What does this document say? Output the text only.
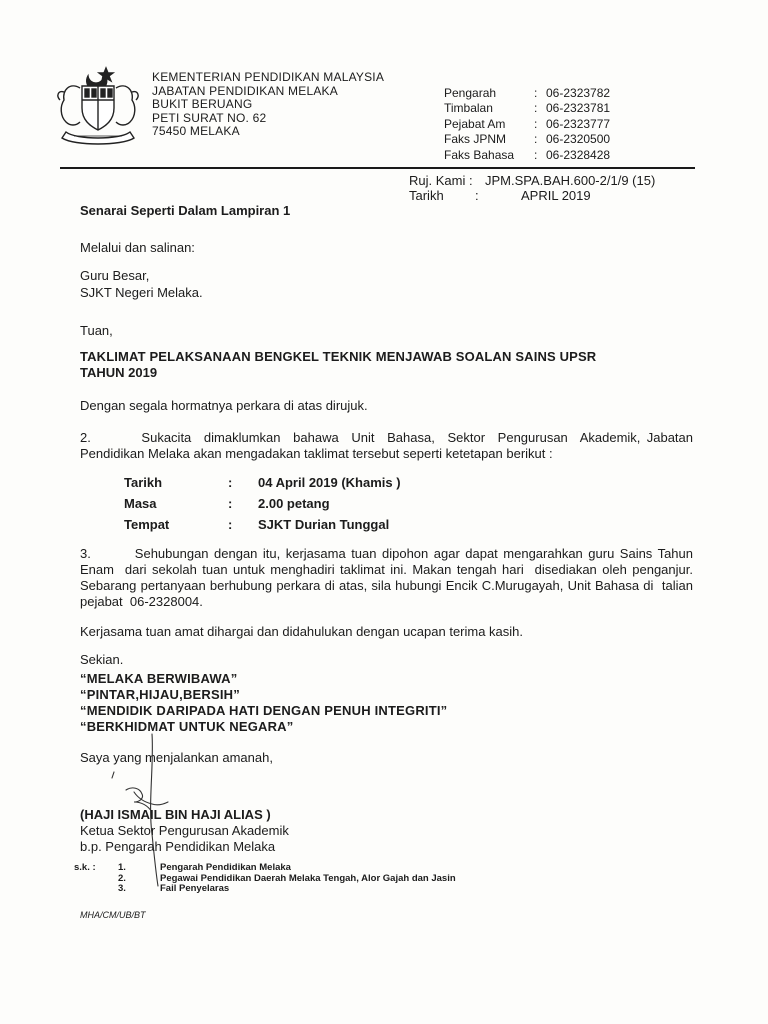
KEMENTERIAN PENDIDIKAN MALAYSIA
JABATAN PENDIDIKAN MELAKA
BUKIT BERUANG
PETI SURAT NO. 62
75450 MELAKA
Pengarah	: 06-2323782
Timbalan	: 06-2323781
Pejabat Am	: 06-2323777
Faks JPNM	: 06-2320500
Faks Bahasa	: 06-2328428
Ruj. Kami : JPM.SPA.BAH.600-2/1/9 (15)
Tarikh	:	APRIL 2019
Senarai Seperti Dalam Lampiran 1
Melalui dan salinan:
Guru Besar,
SJKT Negeri Melaka.
Tuan,
TAKLIMAT PELAKSANAAN BENGKEL TEKNIK MENJAWAB SOALAN SAINS UPSR
TAHUN 2019
Dengan segala hormatnya perkara di atas dirujuk.
2.        Sukacita  dimaklumkan  bahawa  Unit  Bahasa,  Sektor  Pengurusan  Akademik, Jabatan Pendidikan Melaka akan mengadakan taklimat tersebut seperti ketetapan berikut :
Tarikh	:	04 April 2019 (Khamis )
Masa	:	2.00 petang
Tempat	:	SJKT Durian Tunggal
3.        Sehubungan dengan itu, kerjasama tuan dipohon agar dapat mengarahkan guru Sains Tahun Enam  dari sekolah tuan untuk menghadiri taklimat ini. Makan tengah hari  disediakan oleh penganjur. Sebarang pertanyaan berhubung perkara di atas, sila hubungi Encik C.Murugayah, Unit Bahasa di  talian pejabat  06-2328004.
Kerjasama tuan amat dihargai dan didahulukan dengan ucapan terima kasih.
Sekian.
“MELAKA BERWIBAWA”
“PINTAR,HIJAU,BERSIH”
“MENDIDIK DARIPADA HATI DENGAN PENUH INTEGRITI”
“BERKHIDMAT UNTUK NEGARA”
Saya yang menjalankan amanah,
(HAJI ISMAIL BIN HAJI ALIAS )
Ketua Sektor Pengurusan Akademik
b.p. Pengarah Pendidikan Melaka
s.k. :	1.	Pengarah Pendidikan Melaka
2.	Pegawai Pendidikan Daerah Melaka Tengah, Alor Gajah dan Jasin
3.	Fail Penyelaras
MHA/CM/UB/BT
